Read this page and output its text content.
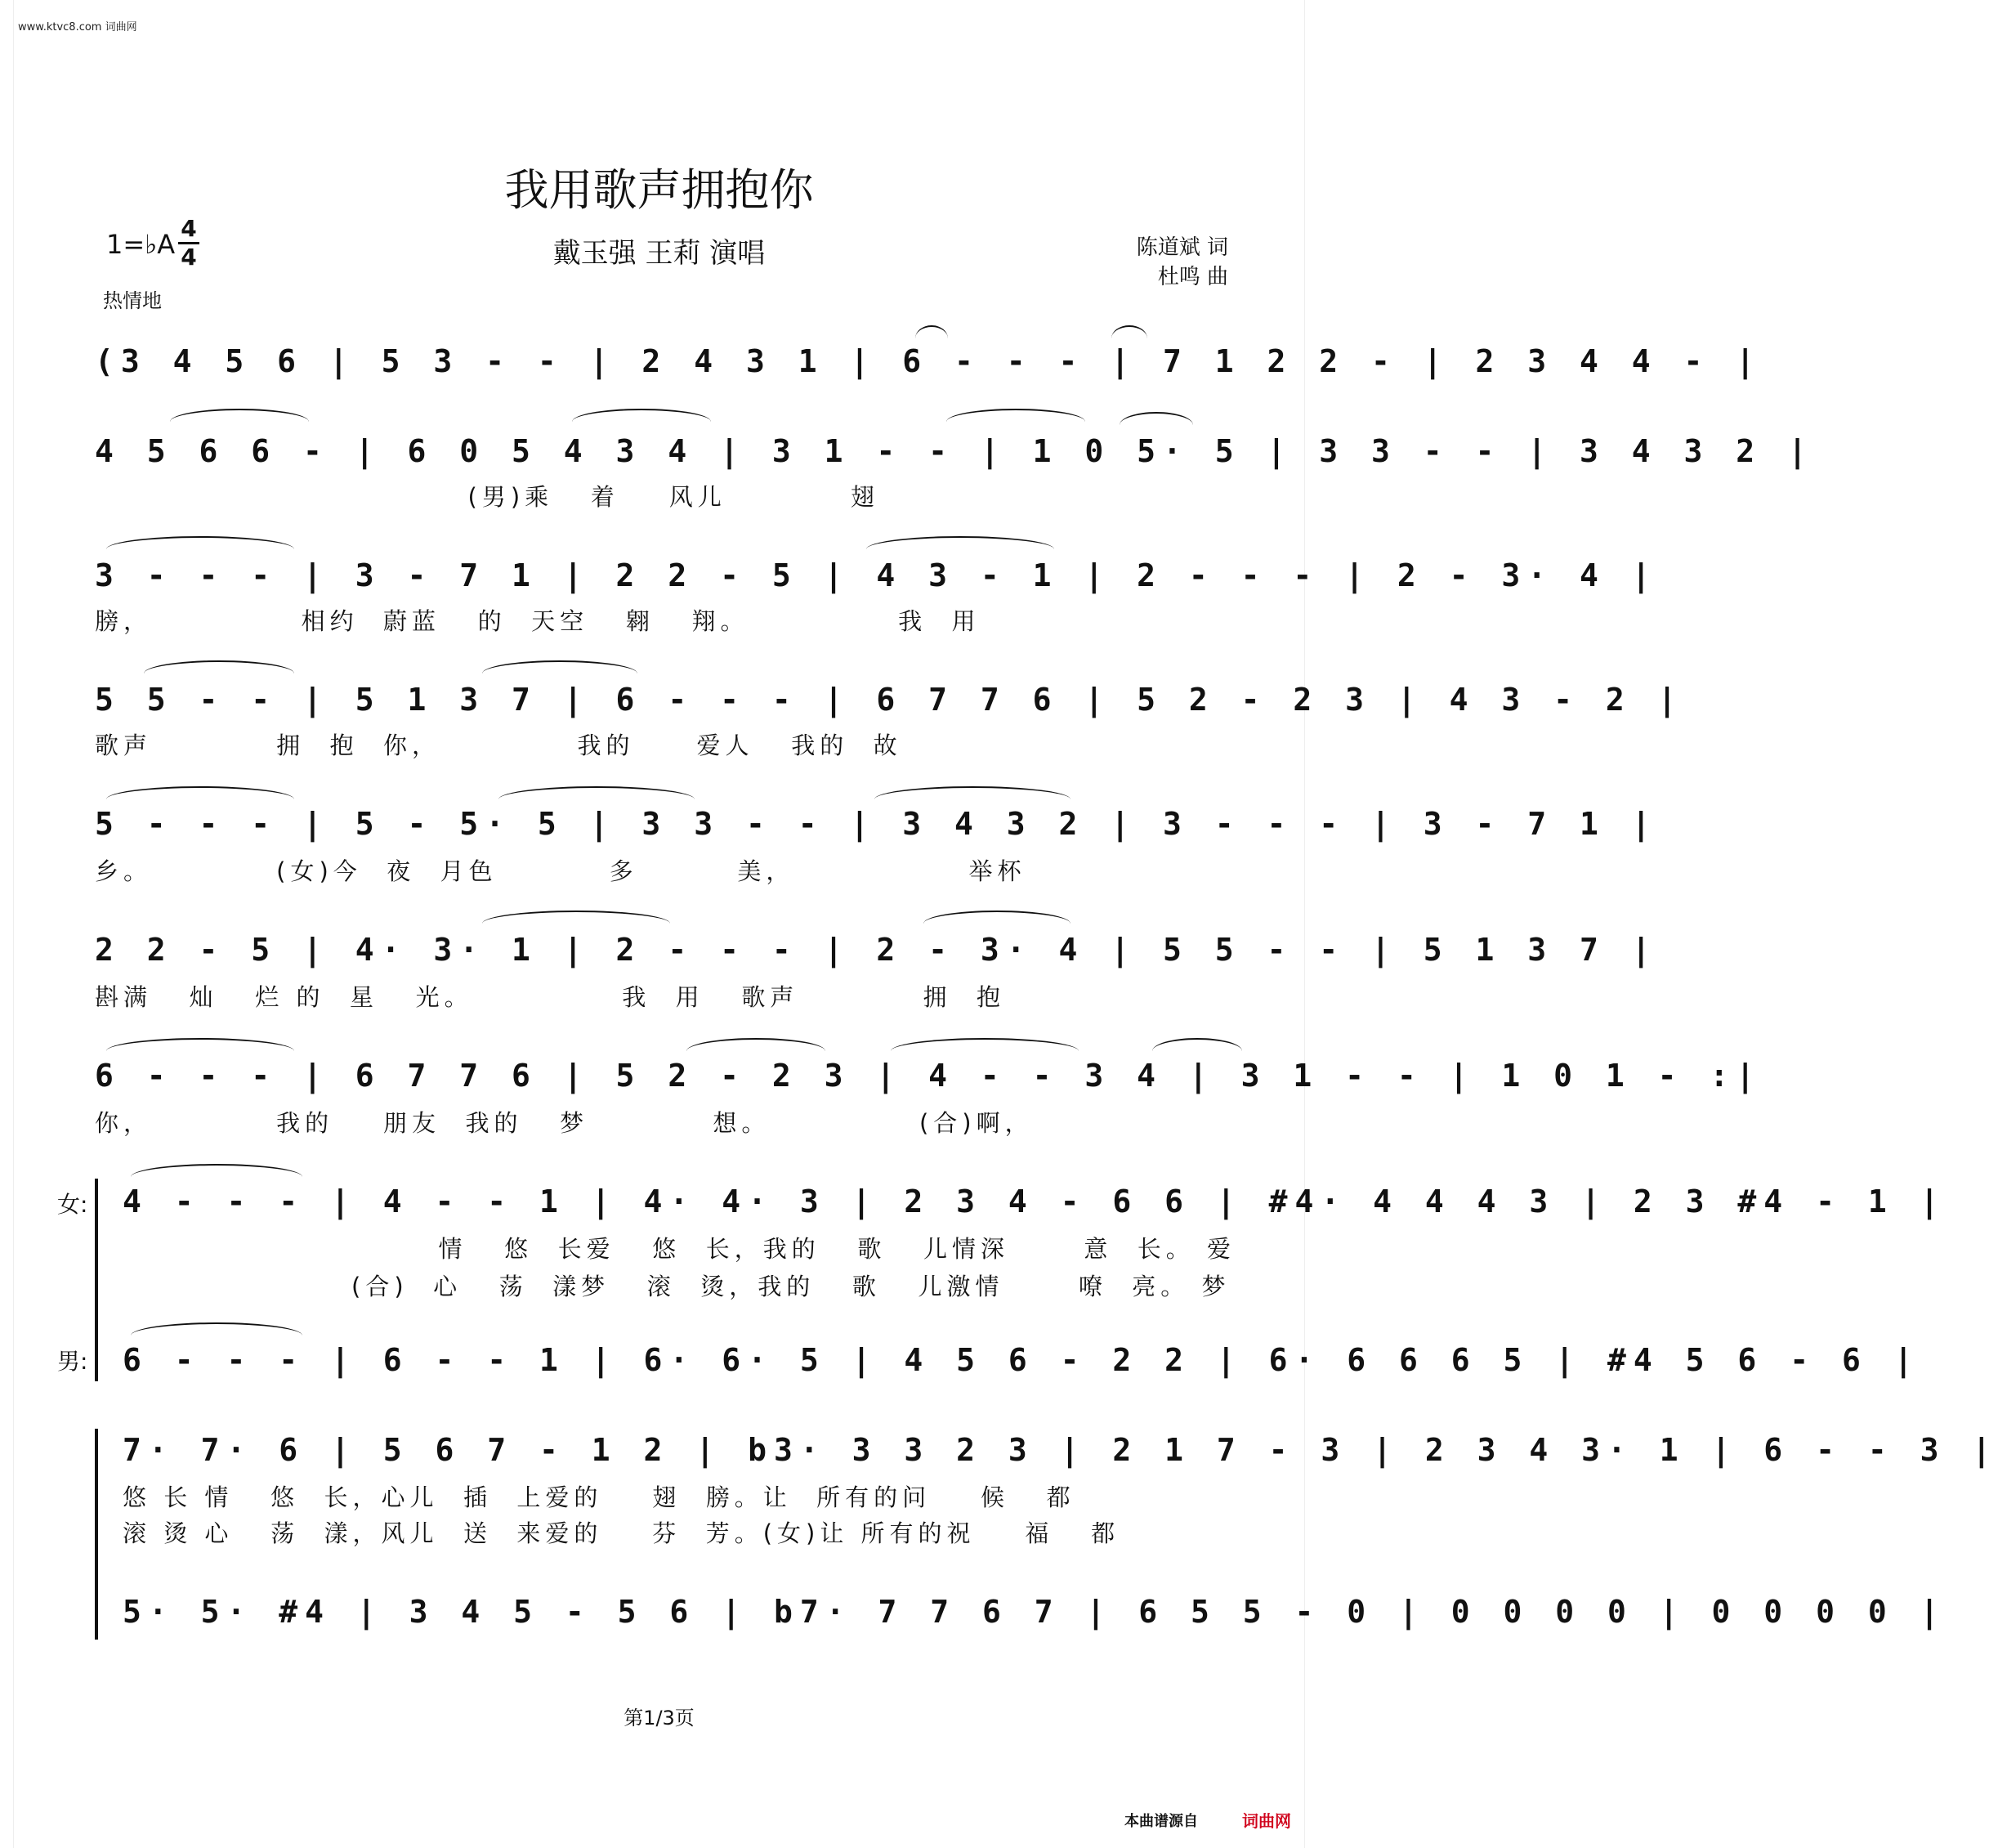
www.ktvc8.com 词曲网
我用歌声拥抱你
戴玉强 王莉 演唱
1=♭A
4
4
热情地
陈道斌 词
杜鸣 曲
(3 4 5 6 | 5 3 - - | 2 4 3 1 | 6 - - - | 7 1 2 2 - | 2 3 4 4 - |
4 5 6 6 - | 6 0 5 4 3 4 | 3 1 - - | 1 0 5· 5 | 3 3 - - | 3 4 3 2 |
(男)乘   着    风儿          翅
3 - - - | 3 - 7 1 | 2 2 - 5 | 4 3 - 1 | 2 - - - | 2 - 3· 4 |
膀，            相约  蔚蓝   的  天空   翱   翔。            我  用
5 5 - - | 5 1 3 7 | 6 - - - | 6 7 7 6 | 5 2 - 2 3 | 4 3 - 2 |
歌声          拥  抱  你，           我的     爱人   我的  故
5 - - - | 5 - 5· 5 | 3 3 - - | 3 4 3 2 | 3 - - - | 3 - 7 1 |
乡。          (女)今  夜  月色         多        美，              举杯
2 2 - 5 | 4· 3· 1 | 2 - - - | 2 - 3· 4 | 5 5 - - | 5 1 3 7 |
斟满   灿   烂 的  星   光。            我  用   歌声          拥  抱
6 - - - | 6 7 7 6 | 5 2 - 2 3 | 4 - - 3 4 | 3 1 - - | 1 0 1 - :|
你，          我的    朋友  我的   梦          想。            (合)啊，
女:
男:
4 - - - | 4 - - 1 | 4· 4· 3 | 2 3 4 - 6 6 | #4· 4 4 4 3 | 2 3 #4 - 1 |
情   悠  长爱   悠  长，我的   歌   儿情深      意  长。 爱
(合)  心   荡  漾梦   滚  烫，我的   歌   儿激情      嘹  亮。 梦
6 - - - | 6 - - 1 | 6· 6· 5 | 4 5 6 - 2 2 | 6· 6 6 6 5 | #4 5 6 - 6 |
7· 7· 6 | 5 6 7 - 1 2 | b3· 3 3 2 3 | 2 1 7 - 3 | 2 3 4 3· 1 | 6 - - 3 |
悠 长 情   悠  长，心儿  插  上爱的    翅  膀。让  所有的问    候   都
滚 烫 心   荡  漾，风儿  送  来爱的    芬  芳。(女)让 所有的祝    福   都
5· 5· #4 | 3 4 5 - 5 6 | b7· 7 7 6 7 | 6 5 5 - 0 | 0 0 0 0 | 0 0 0 0 |
第1/3页
本曲谱源自	词曲网
